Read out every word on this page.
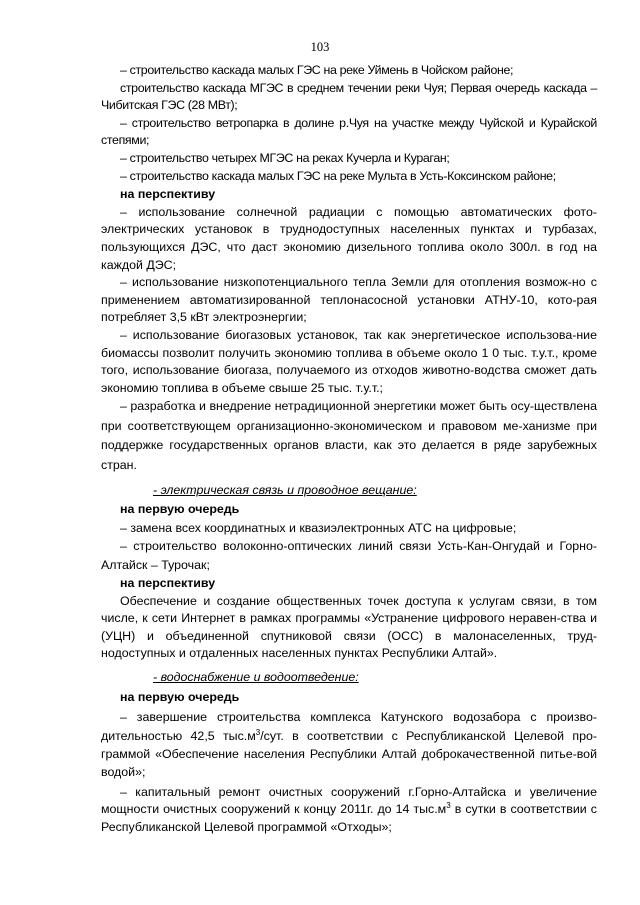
103

– строительство каскада малых ГЭС на реке Уймень в Чойском районе;

строительство каскада МГЭС в среднем течении реки Чуя; Первая очередь каскада – Чибитская ГЭС (28 МВт);

– строительство ветропарка в долине р.Чуя на участке между Чуйской и Курайской степями;

– строительство четырех МГЭС на реках Кучерла и Кураган;

– строительство каскада малых ГЭС на реке Мульта в Усть-Коксинском районе;

на перспективу

– использование солнечной радиации с помощью автоматических фото-электрических установок в труднодоступных населенных пунктах и турбазах, пользующихся ДЭС, что даст экономию дизельного топлива около 300л. в год на каждой ДЭС;

– использование низкопотенциального тепла Земли для отопления возмож-но с применением автоматизированной теплонасосной установки АТНУ-10, кото-рая потребляет 3,5 кВт электроэнергии;

– использование биогазовых установок, так как энергетическое использова-ние биомассы позволит получить экономию топлива в объеме около 1 0 тыс. т.у.т., кроме того, использование биогаза, получаемого из отходов животно-водства сможет дать экономию топлива в объеме свыше 25 тыс. т.у.т.;

– разработка и внедрение нетрадиционной энергетики может быть осу-ществлена при соответствующем организационно-экономическом и правовом ме-ханизме при поддержке государственных органов власти, как это делается в ряде зарубежных стран.

- электрическая связь и проводное вещание:

на первую очередь

– замена всех координатных и квазиэлектронных АТС на цифровые;

– строительство волоконно-оптических линий связи Усть-Кан-Онгудай и Горно-Алтайск – Турочак;

на перспективу

Обеспечение и создание общественных точек доступа к услугам связи, в том числе, к сети Интернет в рамках программы «Устранение цифрового неравен-ства и (УЦН) и объединенной спутниковой связи (ОСС) в малонаселенных, труд-нодоступных и отдаленных населенных пунктах Республики Алтай».

- водоснабжение и водоотведение:

на первую очередь

– завершение строительства комплекса Катунского водозабора с произво-дительностью 42,5 $тыс.м^3$/сут. в соответствии с Республиканской Целевой про-граммой «Обеспечение населения Республики Алтай доброкачественной питье-вой водой»;

– капитальный ремонт очистных сооружений г.Горно-Алтайска и увеличение мощности очистных сооружений к концу 2011г. до 14 $тыс.м^3$ в сутки в соответствии с Республиканской Целевой программой «Отходы»;
